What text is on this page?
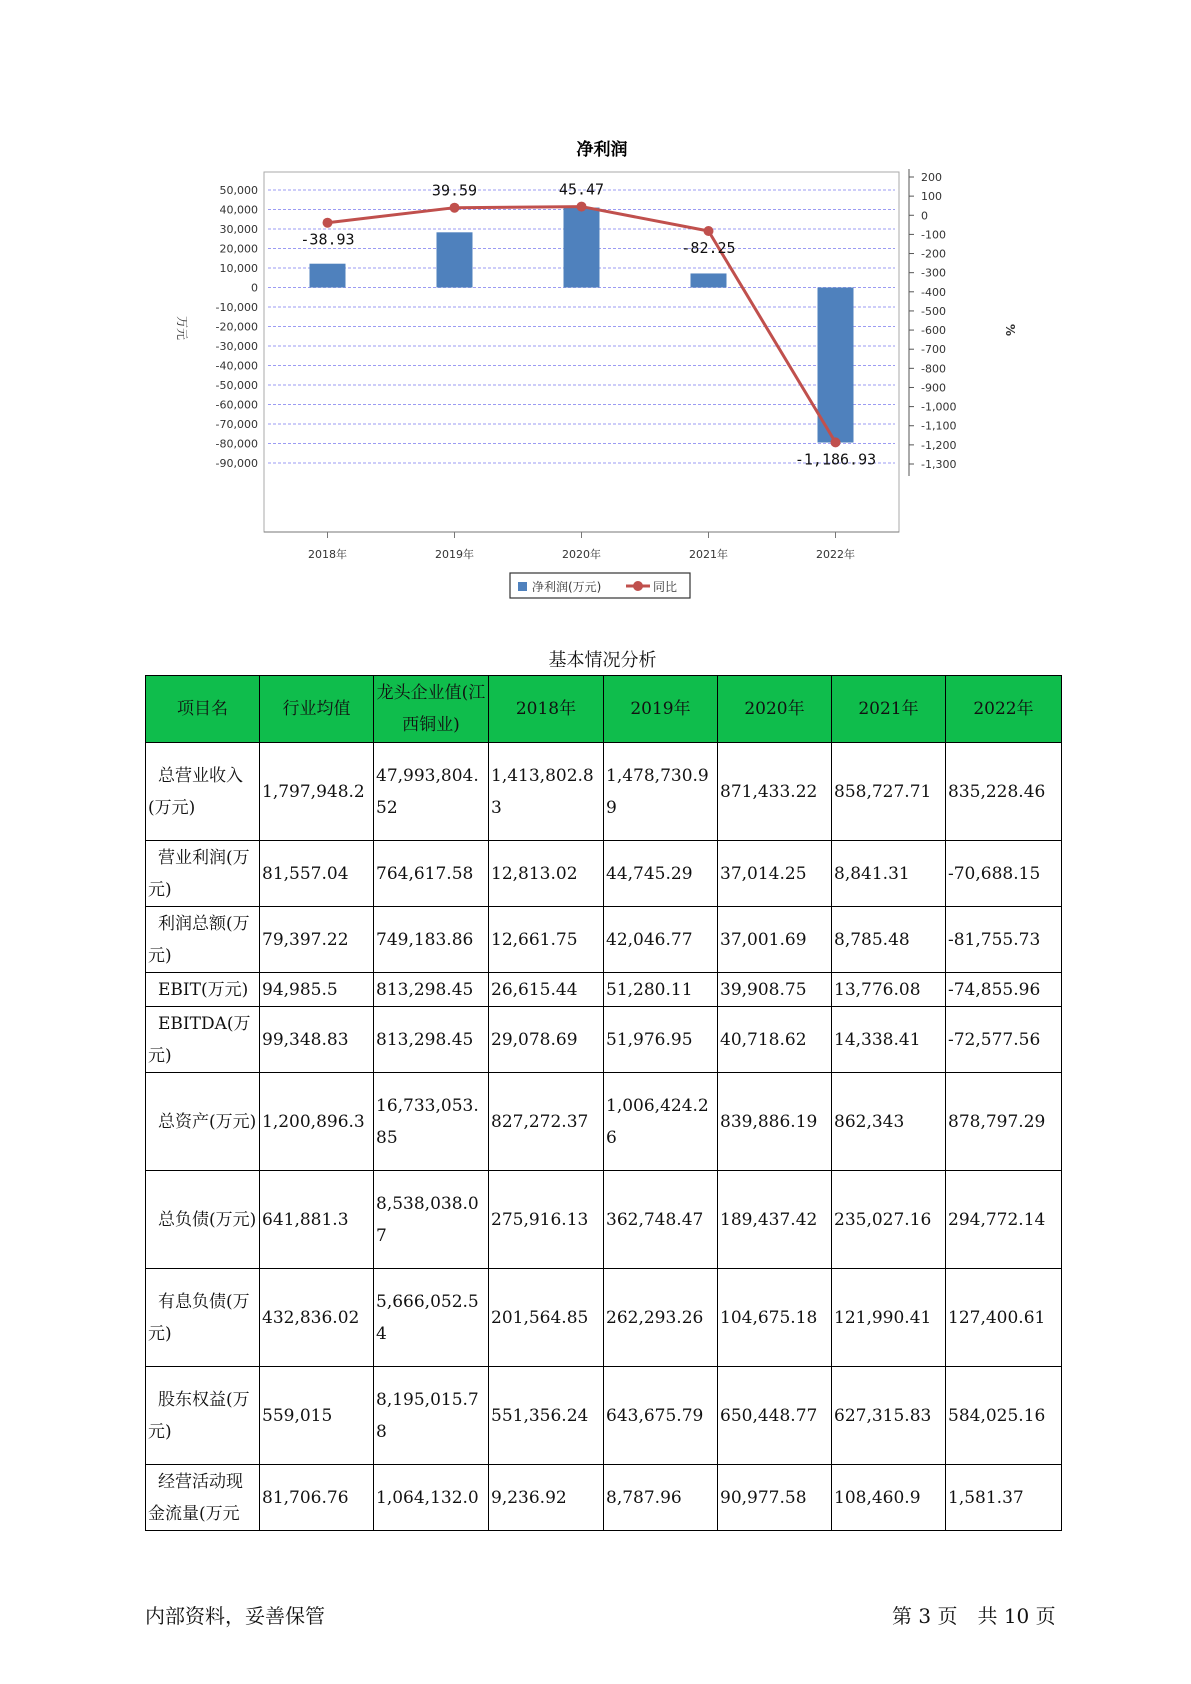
净利润
50,000
40,000
30,000
20,000
10,000
0
-10,000
-20,000
-30,000
-40,000
-50,000
-60,000
-70,000
-80,000
-90,000
200
100
0
-100
-200
-300
-400
-500
-600
-700
-800
-900
-1,000
-1,100
-1,200
-1,300
万元	%
2018年	2019年	2020年	2021年	2022年
-38.93
39.59	45.47
-82.25
-1,186.93
净利润(万元)	同比
基本情况分析
项目名	行业均值	龙头企业值(江西铜业)	2018年	2019年	2020年	2021年	2022年
总营业收入(万元)	1,797,948.2	47,993,804.52	1,413,802.83	1,478,730.99	871,433.22	858,727.71	835,228.46
营业利润(万元)	81,557.04	764,617.58	12,813.02	44,745.29	37,014.25	8,841.31	-70,688.15
利润总额(万元)	79,397.22	749,183.86	12,661.75	42,046.77	37,001.69	8,785.48	-81,755.73
EBIT(万元)	94,985.5	813,298.45	26,615.44	51,280.11	39,908.75	13,776.08	-74,855.96
EBITDA(万元)	99,348.83	813,298.45	29,078.69	51,976.95	40,718.62	14,338.41	-72,577.56
总资产(万元)	1,200,896.3	16,733,053.85	827,272.37	1,006,424.26	839,886.19	862,343	878,797.29
总负债(万元)	641,881.3	8,538,038.07	275,916.13	362,748.47	189,437.42	235,027.16	294,772.14
有息负债(万元)	432,836.02	5,666,052.54	201,564.85	262,293.26	104,675.18	121,990.41	127,400.61
股东权益(万元)	559,015	8,195,015.78	551,356.24	643,675.79	650,448.77	627,315.83	584,025.16
经营活动现金流量(万元	81,706.76	1,064,132.0	9,236.92	8,787.96	90,977.58	108,460.9	1,581.37
内部资料，妥善保管	第 3 页　共 10 页
